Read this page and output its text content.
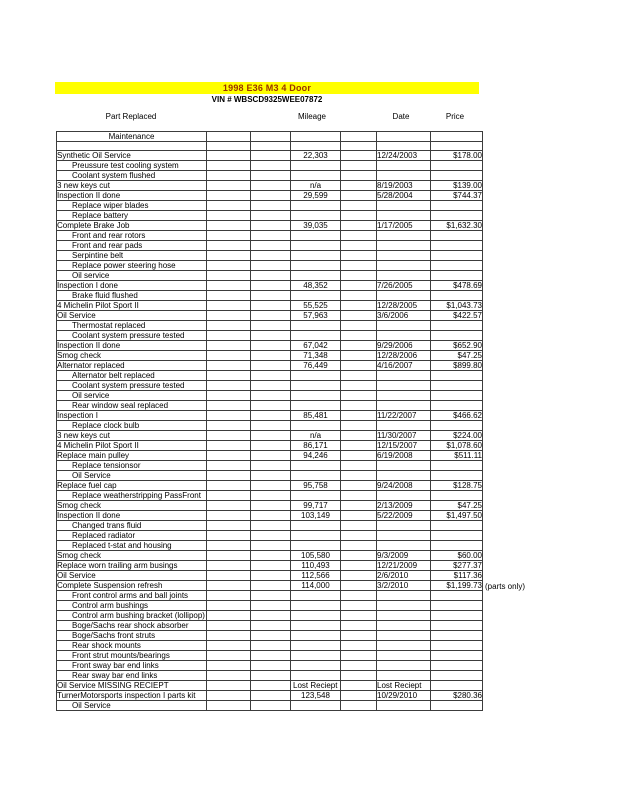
1998 E36 M3 4 Door
VIN # WBSCD9325WEE07872
Part Replaced	Mileage	Date	Price
Maintenance						

Synthetic Oil Service			22,303		12/24/2003	$178.00
Preussure test cooling system						
Coolant system flushed						
3 new keys cut			n/a		8/19/2003	$139.00
Inspection II done			29,599		5/28/2004	$744.37
Replace wiper blades						
Replace battery						
Complete Brake Job			39,035		1/17/2005	$1,632.30
Front and rear rotors						
Front and rear pads						
Serpintine belt						
Replace power steering hose						
Oil service						
Inspection I done			48,352		7/26/2005	$478.69
Brake fluid flushed						
4 Michelin Pilot Sport II			55,525		12/28/2005	$1,043.73
Oil Service			57,963		3/6/2006	$422.57
Thermostat replaced						
Coolant system pressure tested						
Inspection II done			67,042		9/29/2006	$652.90
Smog check			71,348		12/28/2006	$47.25
Alternator replaced			76,449		4/16/2007	$899.80
Alternator belt replaced						
Coolant system pressure tested						
Oil service						
Rear window seal replaced						
Inspection I			85,481		11/22/2007	$466.62
Replace clock bulb						
3 new keys cut			n/a		11/30/2007	$224.00
4 Michelin Pilot Sport II			86,171		12/15/2007	$1,078.60
Replace main pulley			94,246		6/19/2008	$511.11
Replace tensionsor						
Oil Service						
Replace fuel cap			95,758		9/24/2008	$128.75
Replace weatherstripping PassFront						
Smog check			99,717		2/13/2009	$47.25
Inspection II done			103,149		5/22/2009	$1,497.50
Changed trans fluid						
Replaced radiator						
Replaced t-stat and housing						
Smog check			105,580		9/3/2009	$60.00
Replace worn trailing arm busings			110,493		12/21/2009	$277.37
Oil Service			112,566		2/6/2010	$117.36
Complete Suspension refresh			114,000		3/2/2010	$1,199.73
Front control arms and ball joints						
Control arm bushings						
Control arm bushing bracket (lollipop)						
Boge/Sachs rear shock absorber						
Boge/Sachs front struts						
Rear shock mounts						
Front strut mounts/bearings						
Front sway bar end links						
Rear sway bar end links						
Oil Service MISSING RECIEPT			Lost Reciept		Lost Reciept	
TurnerMotorsports inspection I parts kit			123,548		10/29/2010	$280.36
Oil Service						
(parts only)
